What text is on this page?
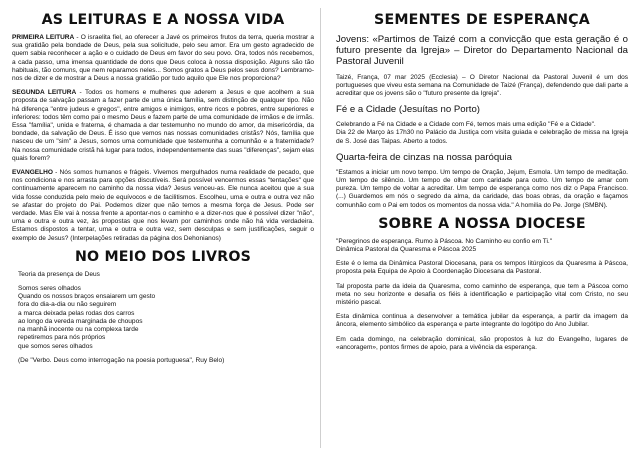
AS LEITURAS E A NOSSA VIDA

PRIMEIRA LEITURA - O israelita fiel, ao oferecer a Javé os primeiros frutos da terra, queria mostrar a sua gratidão pela bondade de Deus, pela sua solicitude, pelo seu amor. Era um gesto agradecido de quem sabia reconhecer a ação e o cuidado de Deus em favor do seu povo. Ora, todos nós recebemos, a cada passo, uma imensa quantidade de dons que Deus coloca à nossa disposição. Alguns são tão habituais, tão comuns, que nem reparamos neles... Somos gratos a Deus pelos seus dons? Lembramo-nos de dizer e de mostrar a Deus a nossa gratidão por tudo aquilo que Ele nos proporciona?

SEGUNDA LEITURA - Todos os homens e mulheres que aderem a Jesus e que acolhem a sua proposta de salvação passam a fazer parte de uma única família, sem distinção de qualquer tipo. Não há diferença "entre judeus e gregos", entre amigos e inimigos, entre ricos e pobres, entre superiores e inferiores: todos têm como pai o mesmo Deus e fazem parte de uma comunidade de irmãos e de irmãs. Essa "família", unida e fraterna, é chamada a dar testemunho no mundo do amor, da misericórdia, da bondade, da salvação de Deus. É isso que vemos nas nossas comunidades cristãs? Nós, família que nasceu de um "sim" a Jesus, somos uma comunidade que testemunha a comunhão e a fraternidade? Na nossa comunidade cristã há lugar para todos, independentemente das suas "diferenças", sejam elas quais forem?

EVANGELHO - Nós somos humanos e frágeis. Vivemos mergulhados numa realidade de pecado, que nos condiciona e nos arrasta para opções discutíveis. Será possível vencermos essas "tentações" que continuamente aparecem no caminho da nossa vida? Jesus venceu-as. Ele nunca aceitou que a sua vida fosse conduzida pelo meio de equívocos e de facilitismos. Escolheu, uma e outra e outra vez não se afastar do projeto do Pai. Podemos dizer que não temos a mesma força de Jesus. Pode ser verdade. Mas Ele vai à nossa frente a apontar-nos o caminho e a dizer-nos que é possível dizer "não", uma e outra e outra vez, às propostas que nos levam por caminhos onde não há vida verdadeira. Estamos dispostos a tentar, uma e outra e outra vez, sem desculpas e sem justificações, seguir o exemplo de Jesus? (Interpelações retiradas da página dos Dehonianos)

NO MEIO DOS LIVROS
Teoria da presença de Deus
Somos seres olhados
Quando os nossos braços ensaiarem um gesto
fora do dia-a-dia ou não seguirem
a marca deixada pelas rodas dos carros
ao longo da vereda marginada de choupos
na manhã inocente ou na complexa tarde
repetiremos para nós próprios
que somos seres olhados
(De "Verbo. Deus como interrogação na poesia portuguesa", Ruy Belo)
SEMENTES DE ESPERANÇA

Jovens: «Partimos de Taizé com a convicção que esta geração é o futuro presente da Igreja» – Diretor do Departamento Nacional da Pastoral Juvenil

Taizé, França, 07 mar 2025 (Ecclesia) – O Diretor Nacional da Pastoral Juvenil é um dos portugueses que viveu esta semana na Comunidade de Taizé (França), defendendo que dali parte a acreditar que os jovens são o "futuro presente da Igreja".

Fé e a Cidade (Jesuítas no Porto)

Celebrando a Fé na Cidade e a Cidade com Fé, temos mais uma edição "Fé e a Cidade".

Dia 22 de Março às 17h30 no Palácio da Justiça com visita guiada e celebração de missa na Igreja de S. José das Taipas. Aberto a todos.

Quarta-feira de cinzas na nossa paróquia

"Estamos a iniciar um novo tempo. Um tempo de Oração, Jejum, Esmola. Um tempo de meditação. Um tempo de silêncio. Um tempo de olhar com caridade para outro. Um tempo de amar com pureza. Um tempo de voltar a acreditar. Um tempo de esperança como nos diz o Papa Francisco. (...) Guardemos em nós o segredo da alma, da caridade, das boas obras, da oração e façamos comunhão com o Pai em todos os momentos da nossa vida." A homilia do Pe. Jorge (SMBN).

SOBRE A NOSSA DIOCESE

"Peregrinos de esperança. Rumo à Páscoa. No Caminho eu confio em Ti."

Dinâmica Pastoral da Quaresma e Páscoa 2025

Este é o lema da Dinâmica Pastoral Diocesana, para os tempos litúrgicos da Quaresma à Páscoa, proposta pela Equipa de Apoio à Coordenação Diocesana da Pastoral.

Tal proposta parte da ideia da Quaresma, como caminho de esperança, que tem a Páscoa como meta no seu horizonte e desafia os fiéis à identificação e participação vital com Cristo, no seu mistério pascal.

Esta dinâmica continua a desenvolver a temática jubilar da esperança, a partir da imagem da âncora, elemento simbólico da esperança e parte integrante do logótipo do Ano Jubilar.

Em cada domingo, na celebração dominical, são propostos à luz do Evangelho, lugares de «ancoragem», pontos firmes de apoio, para a vivência da esperança.
